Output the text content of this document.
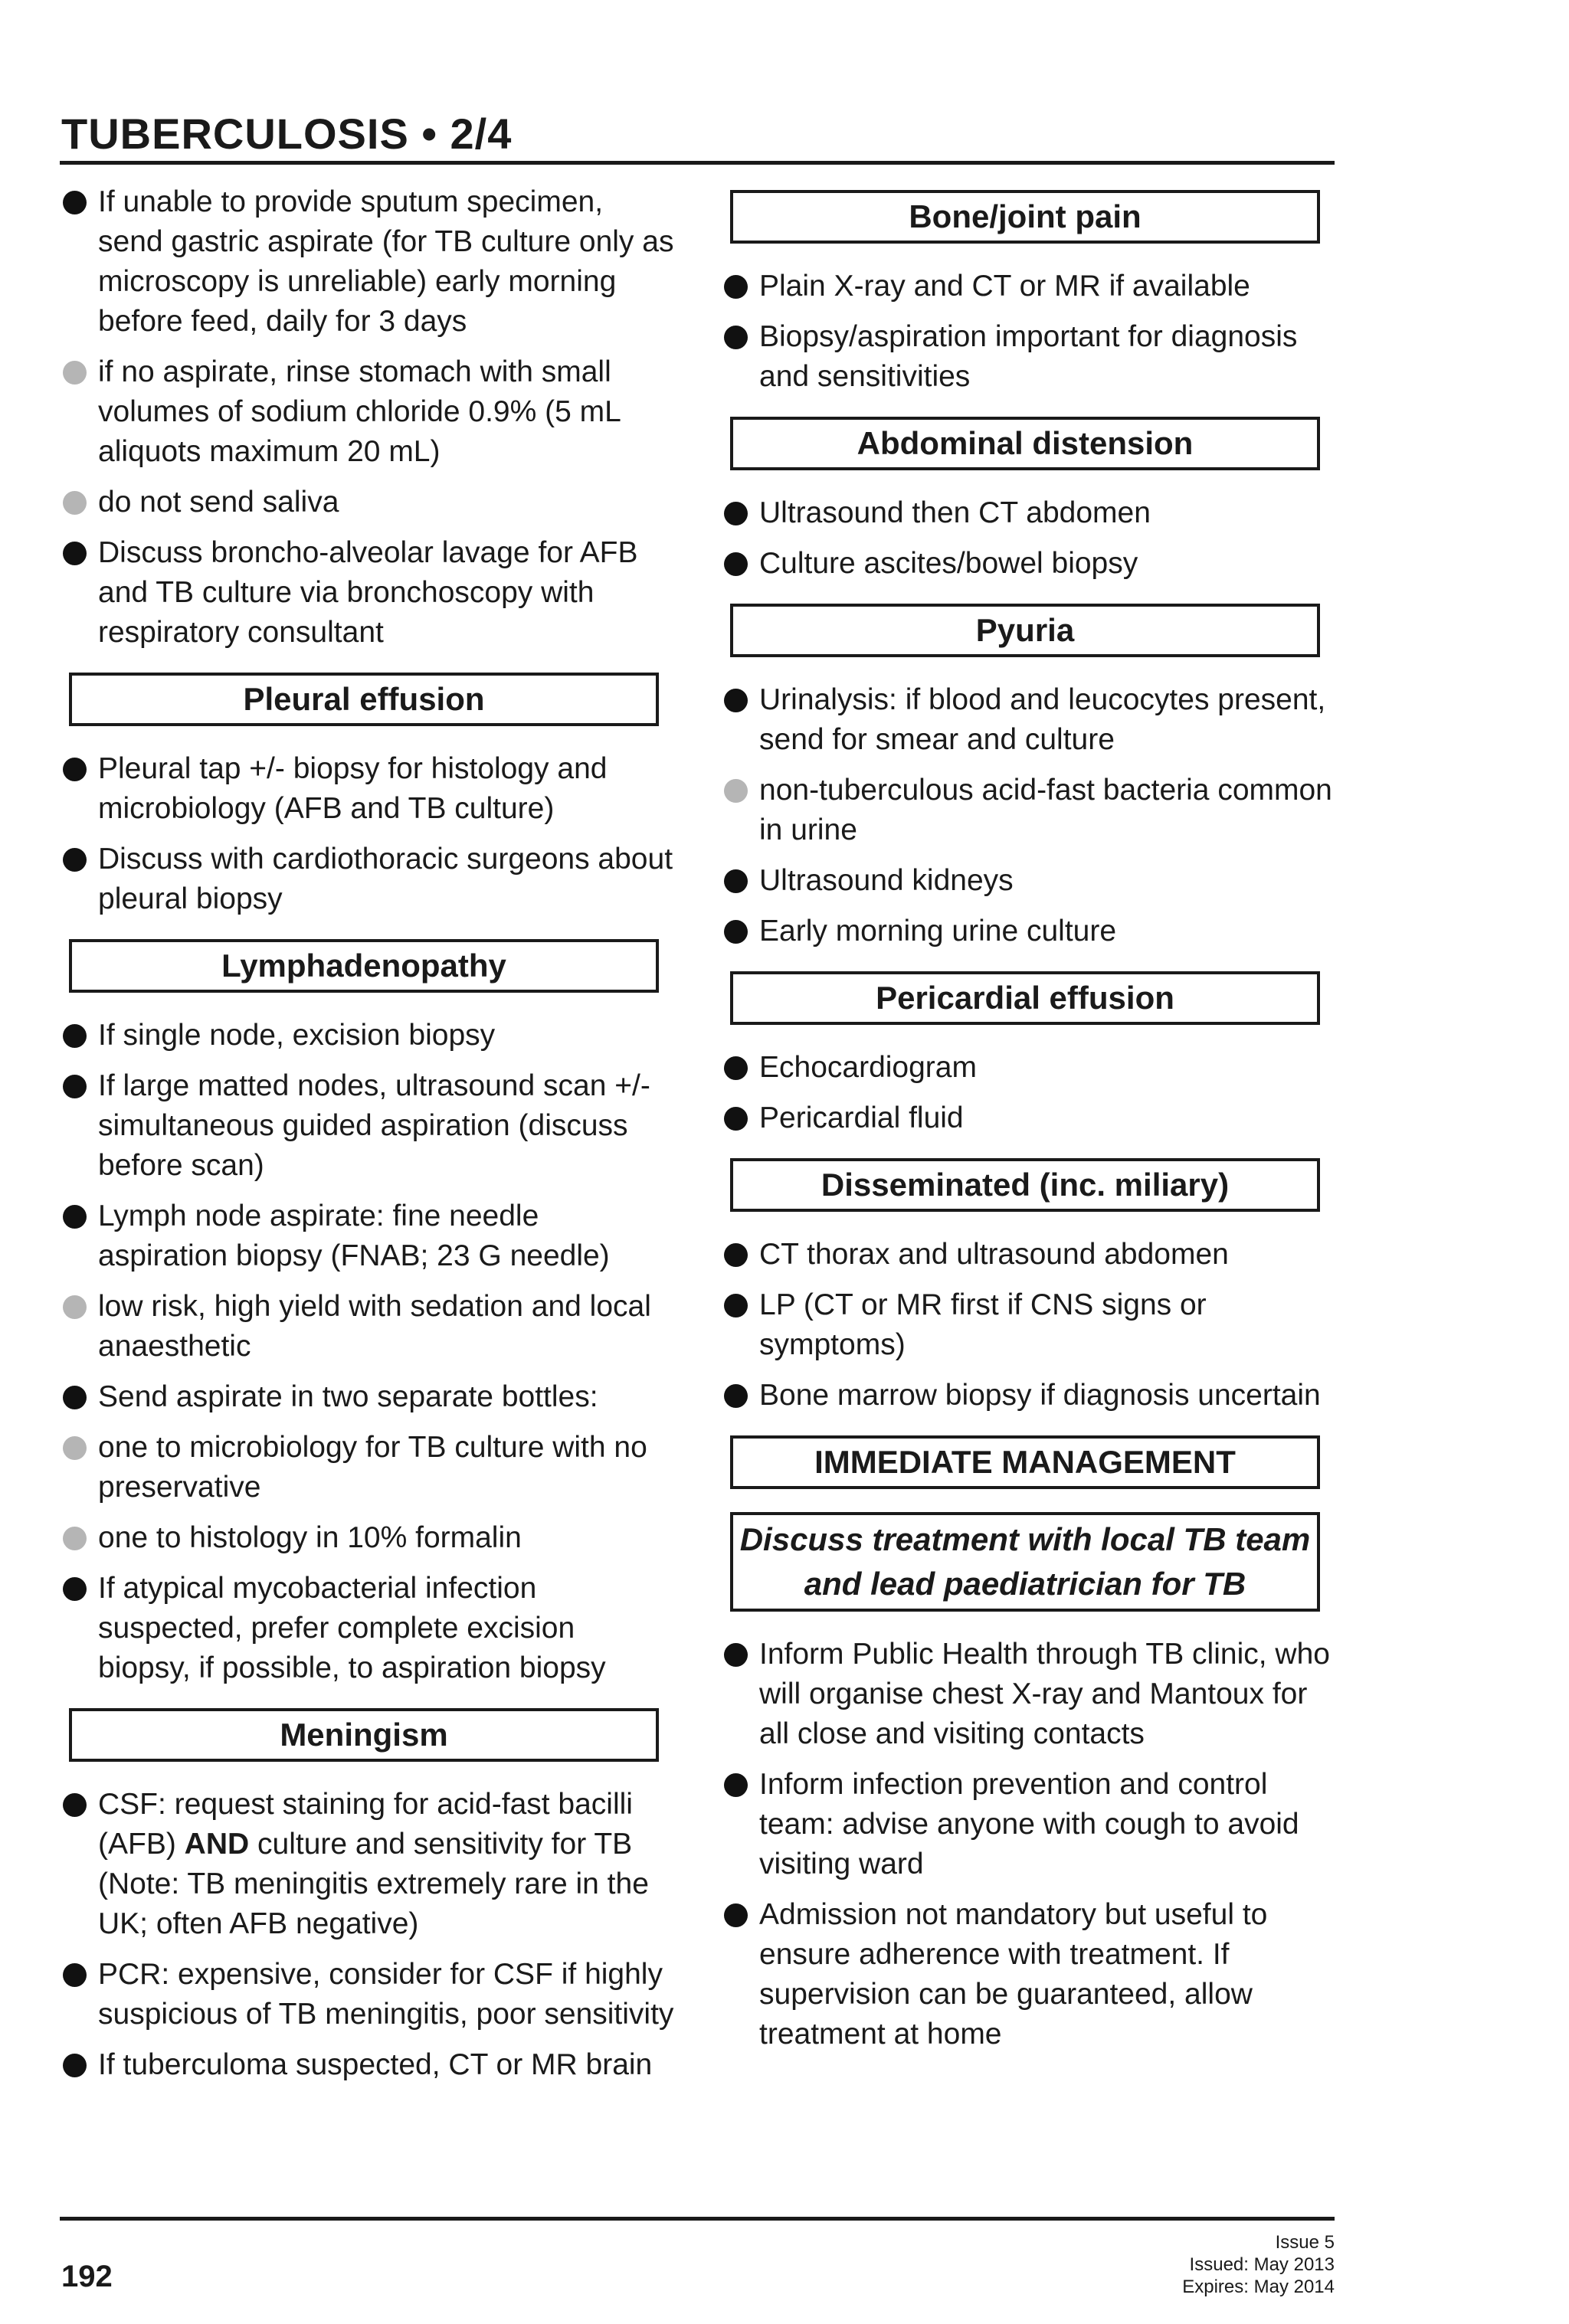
TUBERCULOSIS • 2/4
If unable to provide sputum specimen, send gastric aspirate (for TB culture only as microscopy is unreliable) early morning before feed, daily for 3 days
if no aspirate, rinse stomach with small volumes of sodium chloride 0.9% (5 mL aliquots maximum 20 mL)
do not send saliva
Discuss broncho-alveolar lavage for AFB and TB culture via bronchoscopy with respiratory consultant
Pleural effusion
Pleural tap +/- biopsy for histology and microbiology (AFB and TB culture)
Discuss with cardiothoracic surgeons about pleural biopsy
Lymphadenopathy
If single node, excision biopsy
If large matted nodes, ultrasound scan +/- simultaneous guided aspiration (discuss before scan)
Lymph node aspirate: fine needle aspiration biopsy (FNAB; 23 G needle)
low risk, high yield with sedation and local anaesthetic
Send aspirate in two separate bottles:
one to microbiology for TB culture with no preservative
one to histology in 10% formalin
If atypical mycobacterial infection suspected, prefer complete excision biopsy, if possible, to aspiration biopsy
Meningism
CSF: request staining for acid-fast bacilli (AFB) AND culture and sensitivity for TB (Note: TB meningitis extremely rare in the UK; often AFB negative)
PCR: expensive, consider for CSF if highly suspicious of TB meningitis, poor sensitivity
If tuberculoma suspected, CT or MR brain
Bone/joint pain
Plain X-ray and CT or MR if available
Biopsy/aspiration important for diagnosis and sensitivities
Abdominal distension
Ultrasound then CT abdomen
Culture ascites/bowel biopsy
Pyuria
Urinalysis: if blood and leucocytes present, send for smear and culture
non-tuberculous acid-fast bacteria common in urine
Ultrasound kidneys
Early morning urine culture
Pericardial effusion
Echocardiogram
Pericardial fluid
Disseminated (inc. miliary)
CT thorax and ultrasound abdomen
LP (CT or MR first if CNS signs or symptoms)
Bone marrow biopsy if diagnosis uncertain
IMMEDIATE MANAGEMENT
Discuss treatment with local TB team and lead paediatrician for TB
Inform Public Health through TB clinic, who will organise chest X-ray and Mantoux for all close and visiting contacts
Inform infection prevention and control team: advise anyone with cough to avoid visiting ward
Admission not mandatory but useful to ensure adherence with treatment. If supervision can be guaranteed, allow treatment at home
192
Issue 5
Issued: May 2013
Expires: May 2014
